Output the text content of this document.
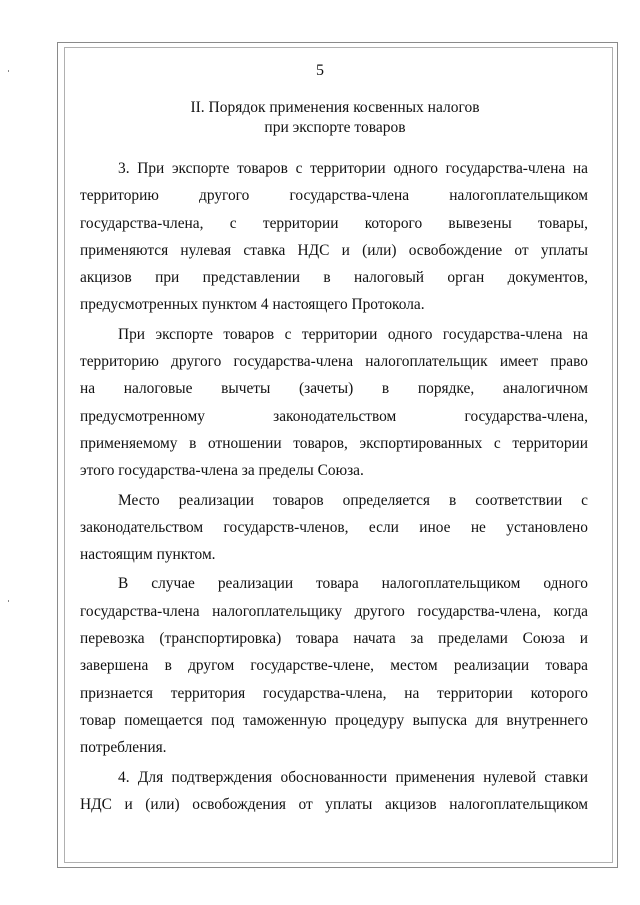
5
II. Порядок применения косвенных налогов
при экспорте товаров

3. При экспорте товаров с территории одного государства-члена на
территорию другого государства-члена налогоплательщиком
государства-члена, с территории которого вывезены товары,
применяются нулевая ставка НДС и (или) освобождение от уплаты
акцизов при представлении в налоговый орган документов,
предусмотренных пунктом 4 настоящего Протокола.

При экспорте товаров с территории одного государства-члена на
территорию другого государства-члена налогоплательщик имеет право
на налоговые вычеты (зачеты) в порядке, аналогичном
предусмотренному законодательством государства-члена,
применяемому в отношении товаров, экспортированных с территории
этого государства-члена за пределы Союза.

Место реализации товаров определяется в соответствии с
законодательством государств-членов, если иное не установлено
настоящим пунктом.

В случае реализации товара налогоплательщиком одного
государства-члена налогоплательщику другого государства-члена, когда
перевозка (транспортировка) товара начата за пределами Союза и
завершена в другом государстве-члене, местом реализации товара
признается территория государства-члена, на территории которого
товар помещается под таможенную процедуру выпуска для внутреннего
потребления.

4. Для подтверждения обоснованности применения нулевой ставки
НДС и (или) освобождения от уплаты акцизов налогоплательщиком
